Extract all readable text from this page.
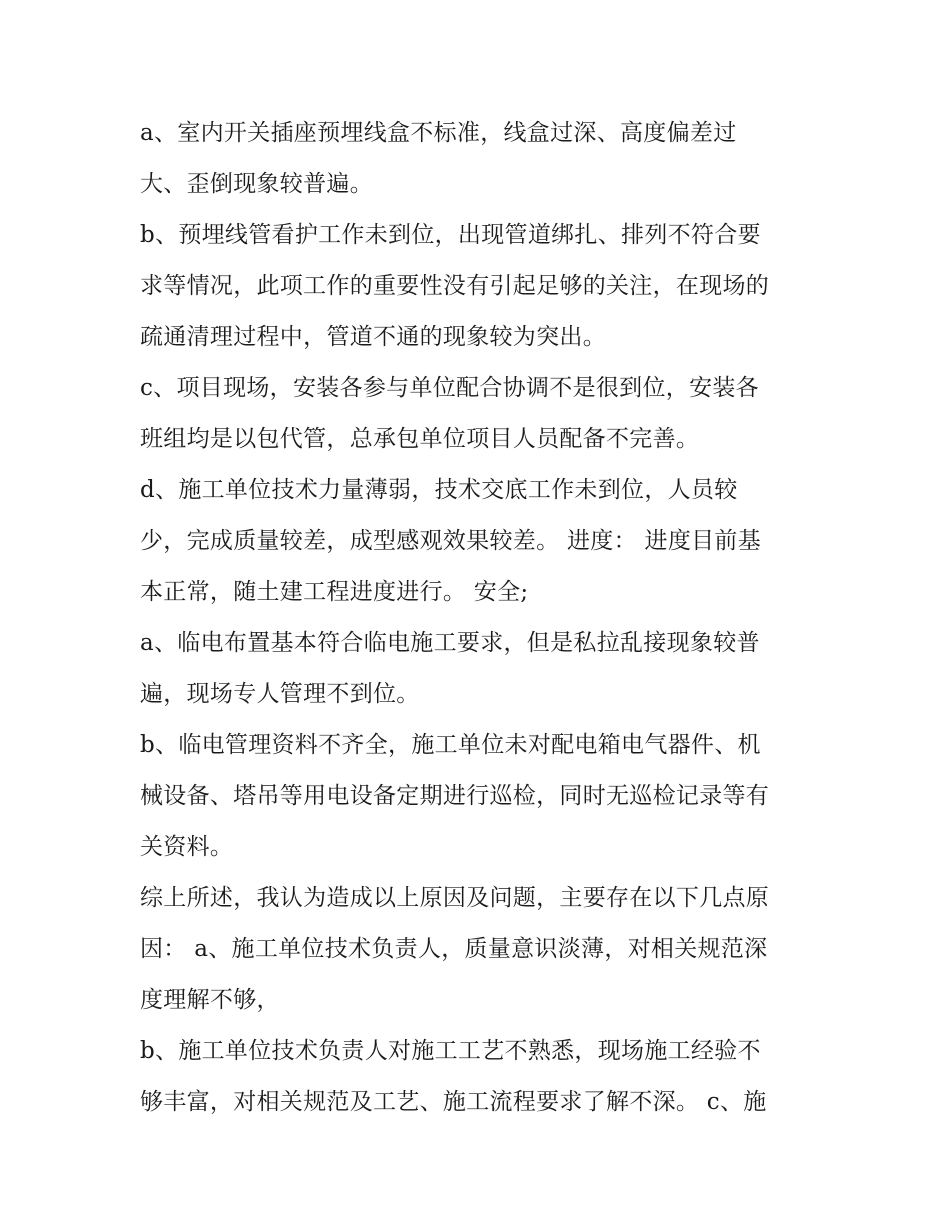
a、室内开关插座预埋线盒不标准，线盒过深、高度偏差过
大、歪倒现象较普遍。
b、预埋线管看护工作未到位，出现管道绑扎、排列不符合要
求等情况，此项工作的重要性没有引起足够的关注，在现场的
疏通清理过程中，管道不通的现象较为突出。
c、项目现场，安装各参与单位配合协调不是很到位，安装各
班组均是以包代管，总承包单位项目人员配备不完善。
d、施工单位技术力量薄弱，技术交底工作未到位，人员较
少，完成质量较差，成型感观效果较差。 进度： 进度目前基
本正常，随土建工程进度进行。 安全;
a、临电布置基本符合临电施工要求，但是私拉乱接现象较普
遍，现场专人管理不到位。
b、临电管理资料不齐全，施工单位未对配电箱电气器件、机
械设备、塔吊等用电设备定期进行巡检，同时无巡检记录等有
关资料。
综上所述，我认为造成以上原因及问题，主要存在以下几点原
因： a、施工单位技术负责人，质量意识淡薄，对相关规范深
度理解不够，
b、施工单位技术负责人对施工工艺不熟悉，现场施工经验不
够丰富，对相关规范及工艺、施工流程要求了解不深。 c、施
